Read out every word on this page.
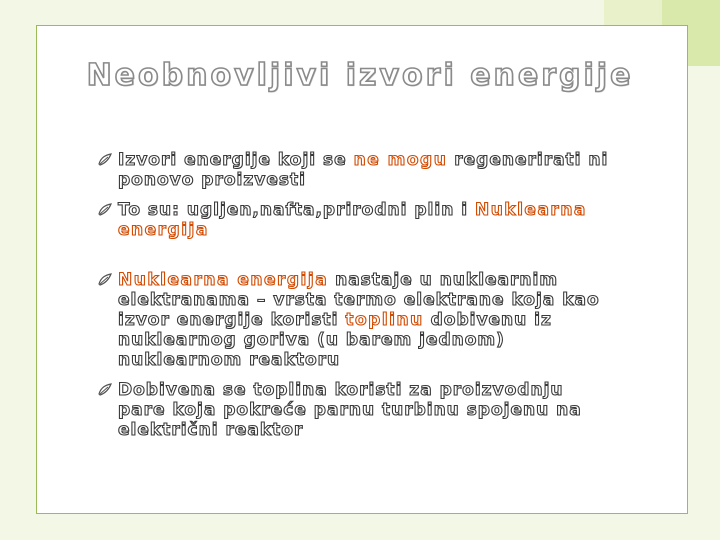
Neobnovljivi izvori energije
Izvori energije koji se ne mogu regenerirati ni
ponovo proizvesti
To su: ugljen,nafta,prirodni plin i Nuklearna
energija
Nuklearna energija nastaje u nuklearnim
elektranama – vrsta termo elektrane koja kao
izvor energije koristi toplinu dobivenu iz
nuklearnog goriva (u barem jednom)
nuklearnom reaktoru
Dobivena se toplina koristi za proizvodnju
pare koja pokreće parnu turbinu spojenu na
električni reaktor
